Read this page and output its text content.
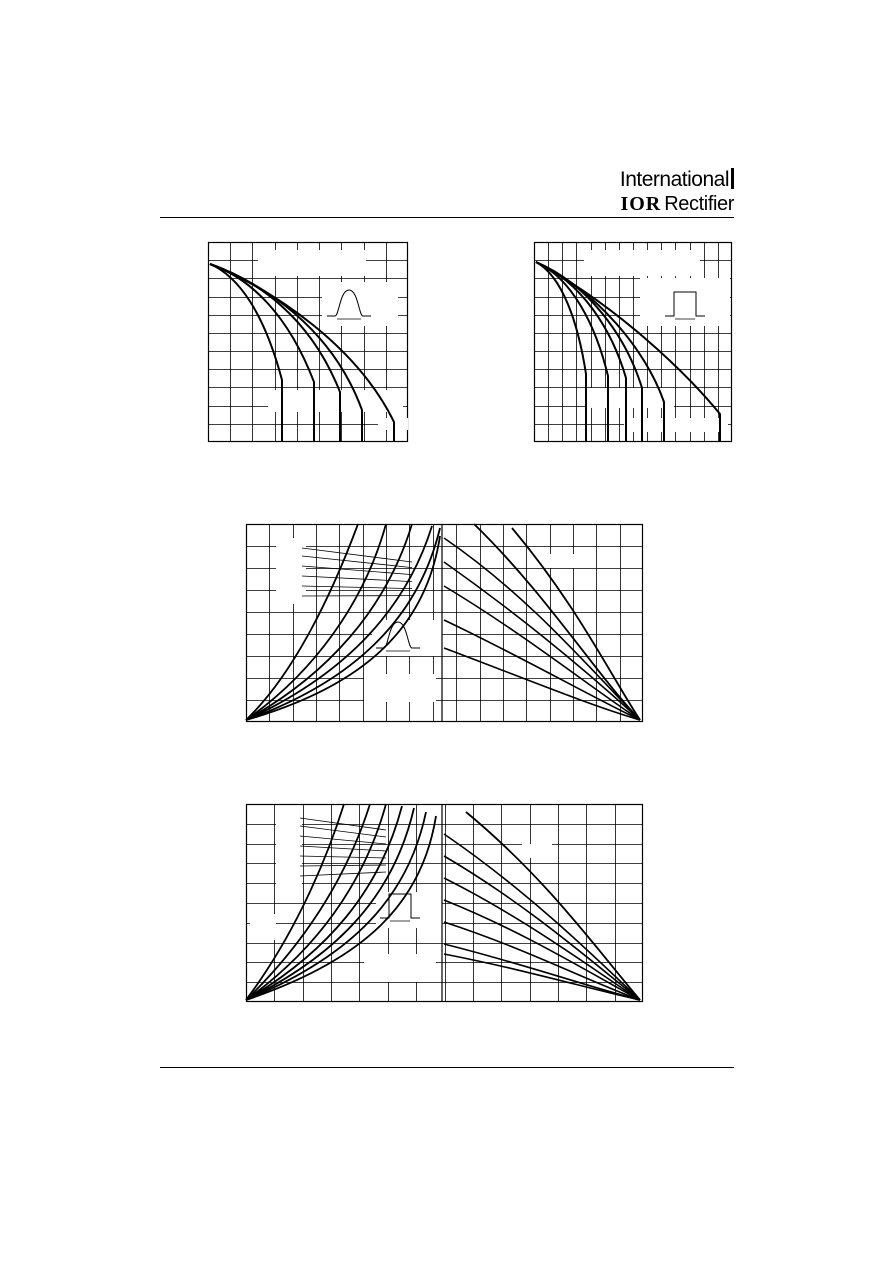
International
IOR Rectifier
